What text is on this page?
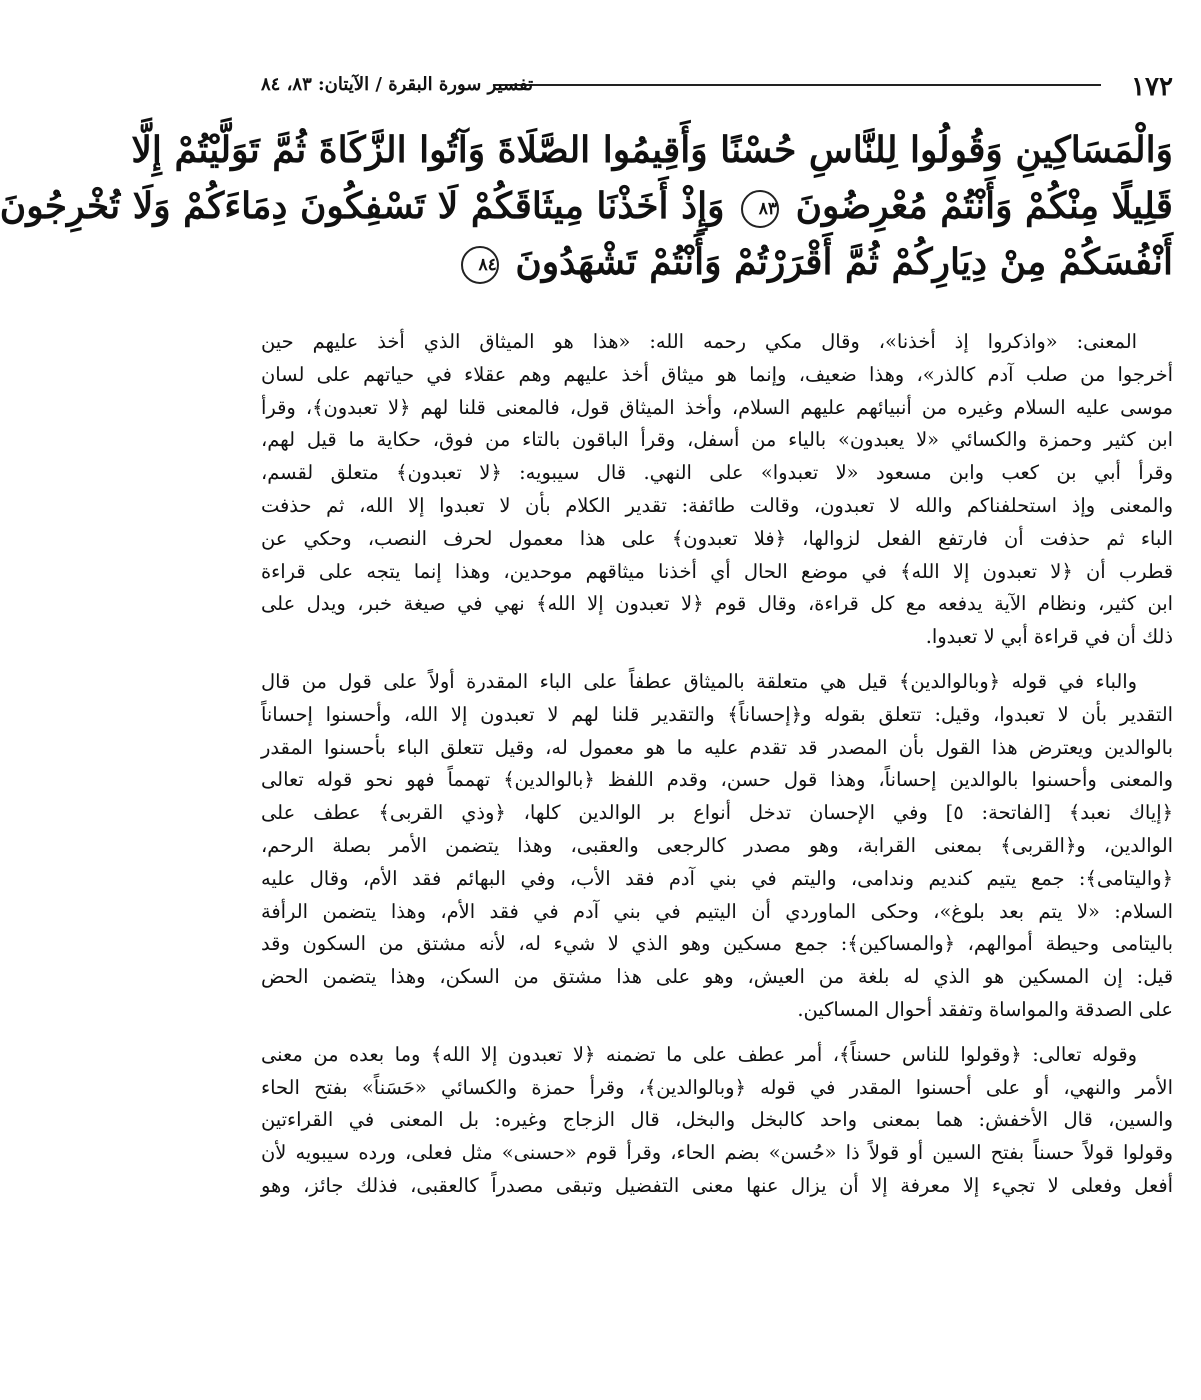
١٧٢
تفسير سورة البقرة / الآيتان: ٨٣، ٨٤
وَالْمَسَاكِينِ وَقُولُوا لِلنَّاسِ حُسْنًا وَأَقِيمُوا الصَّلَاةَ وَآتُوا الزَّكَاةَ ثُمَّ تَوَلَّيْتُمْ إِلَّا
قَلِيلًا مِنْكُمْ وَأَنْتُمْ مُعْرِضُونَ ٨٣ وَإِذْ أَخَذْنَا مِيثَاقَكُمْ لَا تَسْفِكُونَ دِمَاءَكُمْ وَلَا تُخْرِجُونَ
أَنْفُسَكُمْ مِنْ دِيَارِكُمْ ثُمَّ أَقْرَرْتُمْ وَأَنْتُمْ تَشْهَدُونَ ٨٤

المعنى: «واذكروا إذ أخذنا»، وقال مكي رحمه الله: «هذا هو الميثاق الذي أخذ عليهم حين
أخرجوا من صلب آدم كالذر»، وهذا ضعيف، وإنما هو ميثاق أخذ عليهم وهم عقلاء في حياتهم على لسان
موسى عليه السلام وغيره من أنبيائهم عليهم السلام، وأخذ الميثاق قول، فالمعنى قلنا لهم ﴿لا تعبدون﴾، وقرأ
ابن كثير وحمزة والكسائي «لا يعبدون» بالياء من أسفل، وقرأ الباقون بالتاء من فوق، حكاية ما قيل لهم،
وقرأ أبي بن كعب وابن مسعود «لا تعبدوا» على النهي. قال سيبويه: ﴿لا تعبدون﴾ متعلق لقسم،
والمعنى وإذ استحلفناكم والله لا تعبدون، وقالت طائفة: تقدير الكلام بأن لا تعبدوا إلا الله، ثم حذفت
الباء ثم حذفت أن فارتفع الفعل لزوالها، ﴿فلا تعبدون﴾ على هذا معمول لحرف النصب، وحكي عن
قطرب أن ﴿لا تعبدون إلا الله﴾ في موضع الحال أي أخذنا ميثاقهم موحدين، وهذا إنما يتجه على قراءة
ابن كثير، ونظام الآية يدفعه مع كل قراءة، وقال قوم ﴿لا تعبدون إلا الله﴾ نهي في صيغة خبر، ويدل على
ذلك أن في قراءة أبي لا تعبدوا.

والباء في قوله ﴿وبالوالدين﴾ قيل هي متعلقة بالميثاق عطفاً على الباء المقدرة أولاً على قول من قال
التقدير بأن لا تعبدوا، وقيل: تتعلق بقوله و﴿إحساناً﴾ والتقدير قلنا لهم لا تعبدون إلا الله، وأحسنوا إحساناً
بالوالدين ويعترض هذا القول بأن المصدر قد تقدم عليه ما هو معمول له، وقيل تتعلق الباء بأحسنوا المقدر
والمعنى وأحسنوا بالوالدين إحساناً، وهذا قول حسن، وقدم اللفظ ﴿بالوالدين﴾ تهمماً فهو نحو قوله تعالى
﴿إياك نعبد﴾ [الفاتحة: ٥] وفي الإحسان تدخل أنواع بر الوالدين كلها، ﴿وذي القربى﴾ عطف على
الوالدين، و﴿القربى﴾ بمعنى القرابة، وهو مصدر كالرجعى والعقبى، وهذا يتضمن الأمر بصلة الرحم،
﴿واليتامى﴾: جمع يتيم كنديم وندامى، واليتم في بني آدم فقد الأب، وفي البهائم فقد الأم، وقال عليه
السلام: «لا يتم بعد بلوغ»، وحكى الماوردي أن اليتيم في بني آدم في فقد الأم، وهذا يتضمن الرأفة
باليتامى وحيطة أموالهم، ﴿والمساكين﴾: جمع مسكين وهو الذي لا شيء له، لأنه مشتق من السكون وقد
قيل: إن المسكين هو الذي له بلغة من العيش، وهو على هذا مشتق من السكن، وهذا يتضمن الحض
على الصدقة والمواساة وتفقد أحوال المساكين.

وقوله تعالى: ﴿وقولوا للناس حسناً﴾، أمر عطف على ما تضمنه ﴿لا تعبدون إلا الله﴾ وما بعده من معنى
الأمر والنهي، أو على أحسنوا المقدر في قوله ﴿وبالوالدين﴾، وقرأ حمزة والكسائي «حَسَناً» بفتح الحاء
والسين، قال الأخفش: هما بمعنى واحد كالبخل والبخل، قال الزجاج وغيره: بل المعنى في القراءتين
وقولوا قولاً حسناً بفتح السين أو قولاً ذا «حُسن» بضم الحاء، وقرأ قوم «حسنى» مثل فعلى، ورده سيبويه لأن
أفعل وفعلى لا تجيء إلا معرفة إلا أن يزال عنها معنى التفضيل وتبقى مصدراً كالعقبى، فذلك جائز، وهو
